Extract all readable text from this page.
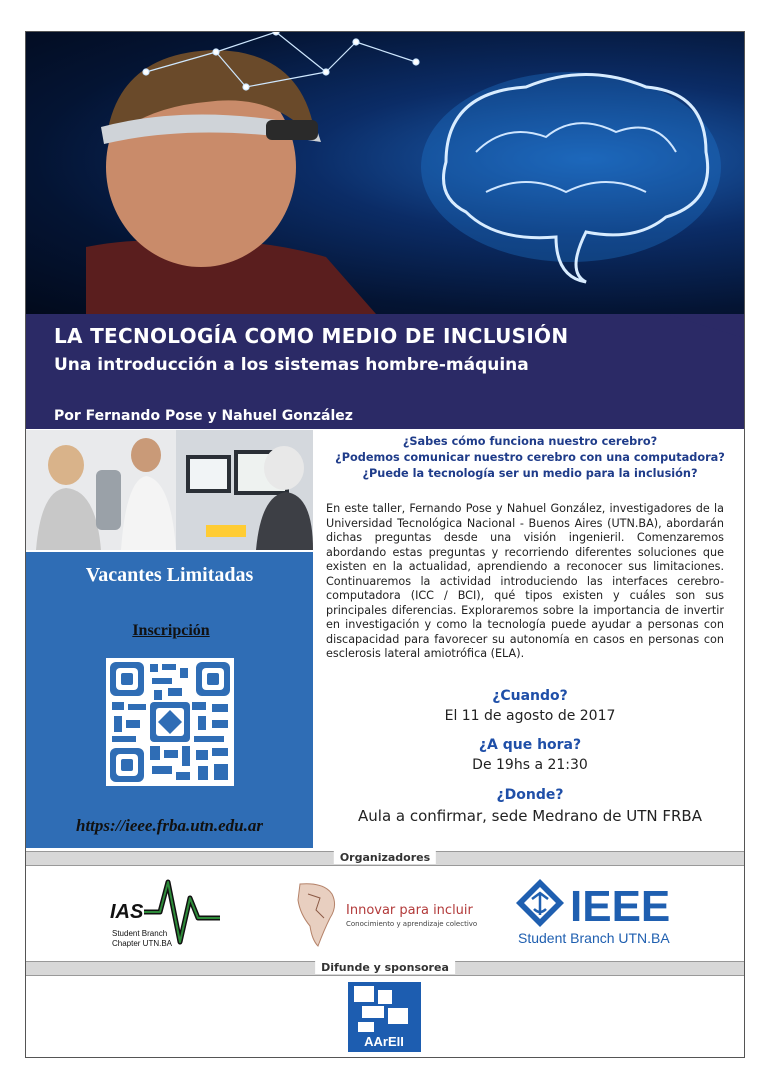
LA TECNOLOGÍA COMO MEDIO DE INCLUSIÓN
Una introducción a los sistemas hombre-máquina
Por Fernando Pose y Nahuel González
Vacantes Limitadas
Inscripción
https://ieee.frba.utn.edu.ar
¿Sabes cómo funciona nuestro cerebro?
¿Podemos comunicar nuestro cerebro con una computadora?
¿Puede la tecnología ser un medio para la inclusión?
En este taller, Fernando Pose y Nahuel González, investigadores de la Universidad Tecnológica Nacional - Buenos Aires (UTN.BA), abordarán dichas preguntas desde una visión ingenieril. Comenzaremos abordando estas preguntas y recorriendo diferentes soluciones que existen en la actualidad, aprendiendo a reconocer sus limitaciones. Continuaremos la actividad introduciendo las interfaces cerebro-computadora (ICC / BCI), qué tipos existen y cuáles son sus principales diferencias. Exploraremos sobre la importancia de invertir en investigación y como la tecnología puede ayudar a personas con discapacidad para favorecer su autonomía en casos en personas con esclerosis lateral amiotrófica (ELA).
¿Cuando?
El 11 de agosto de 2017
¿A que hora?
De 19hs a 21:30
¿Donde?
Aula a confirmar, sede Medrano de UTN FRBA
Organizadores
IAS
Student Branch
Chapter UTN.BA
Innovar para incluir
Conocimiento y aprendizaje colectivo IEEE
Student Branch UTN.BA
Difunde y sponsorea
AArEII
